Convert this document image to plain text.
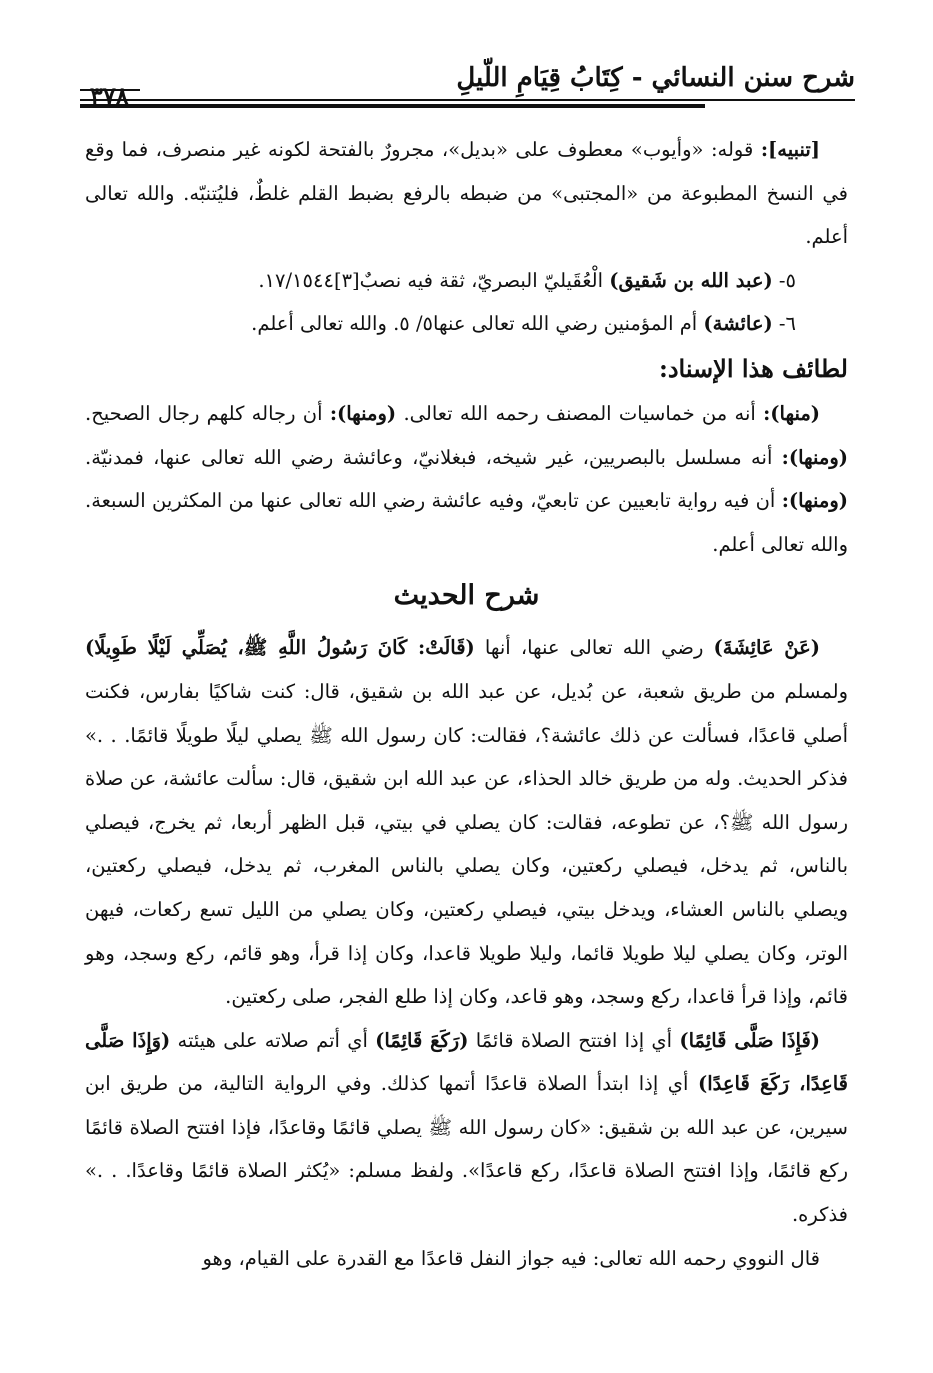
شرح سنن النسائي - كِتَابُ قِيَامِ اللّيلِ
٣٧٨

[تنبيه]: قوله: «وأيوب» معطوف على «بديل»، مجرورٌ بالفتحة لكونه غير منصرف، فما وقع في النسخ المطبوعة من «المجتبى» من ضبطه بالرفع بضبط القلم غلطٌ، فليُتنبّه. والله تعالى أعلم.

٥- (عبد الله بن شَقيق) الْعُقَيليّ البصريّ، ثقة فيه نصبٌ[٣]١٧/١٥٤٤.

٦- (عائشة) أم المؤمنين رضي الله تعالى عنها٥/ ٥. والله تعالى أعلم.

لطائف هذا الإسناد:

(منها): أنه من خماسيات المصنف رحمه الله تعالى. (ومنها): أن رجاله كلهم رجال الصحيح. (ومنها): أنه مسلسل بالبصريين، غير شيخه، فبغلانيّ، وعائشة رضي الله تعالى عنها، فمدنيّة. (ومنها): أن فيه رواية تابعيين عن تابعيّ، وفيه عائشة رضي الله تعالى عنها من المكثرين السبعة. والله تعالى أعلم.

شرح الحديث

(عَنْ عَائِشَةَ) رضي الله تعالى عنها، أنها (قَالَتْ: كَانَ رَسُولُ اللَّهِ ﷺ، يُصَلِّي لَيْلًا طَوِيلًا) ولمسلم من طريق شعبة، عن بُديل، عن عبد الله بن شقيق، قال: كنت شاكيًا بفارس، فكنت أصلي قاعدًا، فسألت عن ذلك عائشة؟، فقالت: كان رسول الله ﷺ يصلي ليلًا طويلًا قائمًا. . .» فذكر الحديث. وله من طريق خالد الحذاء، عن عبد الله ابن شقيق، قال: سألت عائشة، عن صلاة رسول الله ﷺ؟، عن تطوعه، فقالت: كان يصلي في بيتي، قبل الظهر أربعا، ثم يخرج، فيصلي بالناس، ثم يدخل، فيصلي ركعتين، وكان يصلي بالناس المغرب، ثم يدخل، فيصلي ركعتين، ويصلي بالناس العشاء، ويدخل بيتي، فيصلي ركعتين، وكان يصلي من الليل تسع ركعات، فيهن الوتر، وكان يصلي ليلا طويلا قائما، وليلا طويلا قاعدا، وكان إذا قرأ، وهو قائم، ركع وسجد، وهو قائم، وإذا قرأ قاعدا، ركع وسجد، وهو قاعد، وكان إذا طلع الفجر، صلى ركعتين.

(فَإِذَا صَلَّى قَائِمًا) أي إذا افتتح الصلاة قائمًا (رَكَعَ قَائِمًا) أي أتم صلاته على هيئته (وَإِذَا صَلَّى قَاعِدًا، رَكَعَ قَاعِدًا) أي إذا ابتدأ الصلاة قاعدًا أتمها كذلك. وفي الرواية التالية، من طريق ابن سيرين، عن عبد الله بن شقيق: «كان رسول الله ﷺ يصلي قائمًا وقاعدًا، فإذا افتتح الصلاة قائمًا ركع قائمًا، وإذا افتتح الصلاة قاعدًا، ركع قاعدًا». ولفظ مسلم: «يُكثر الصلاة قائمًا وقاعدًا. . .» فذكره.

قال النووي رحمه الله تعالى: فيه جواز النفل قاعدًا مع القدرة على القيام، وهو
